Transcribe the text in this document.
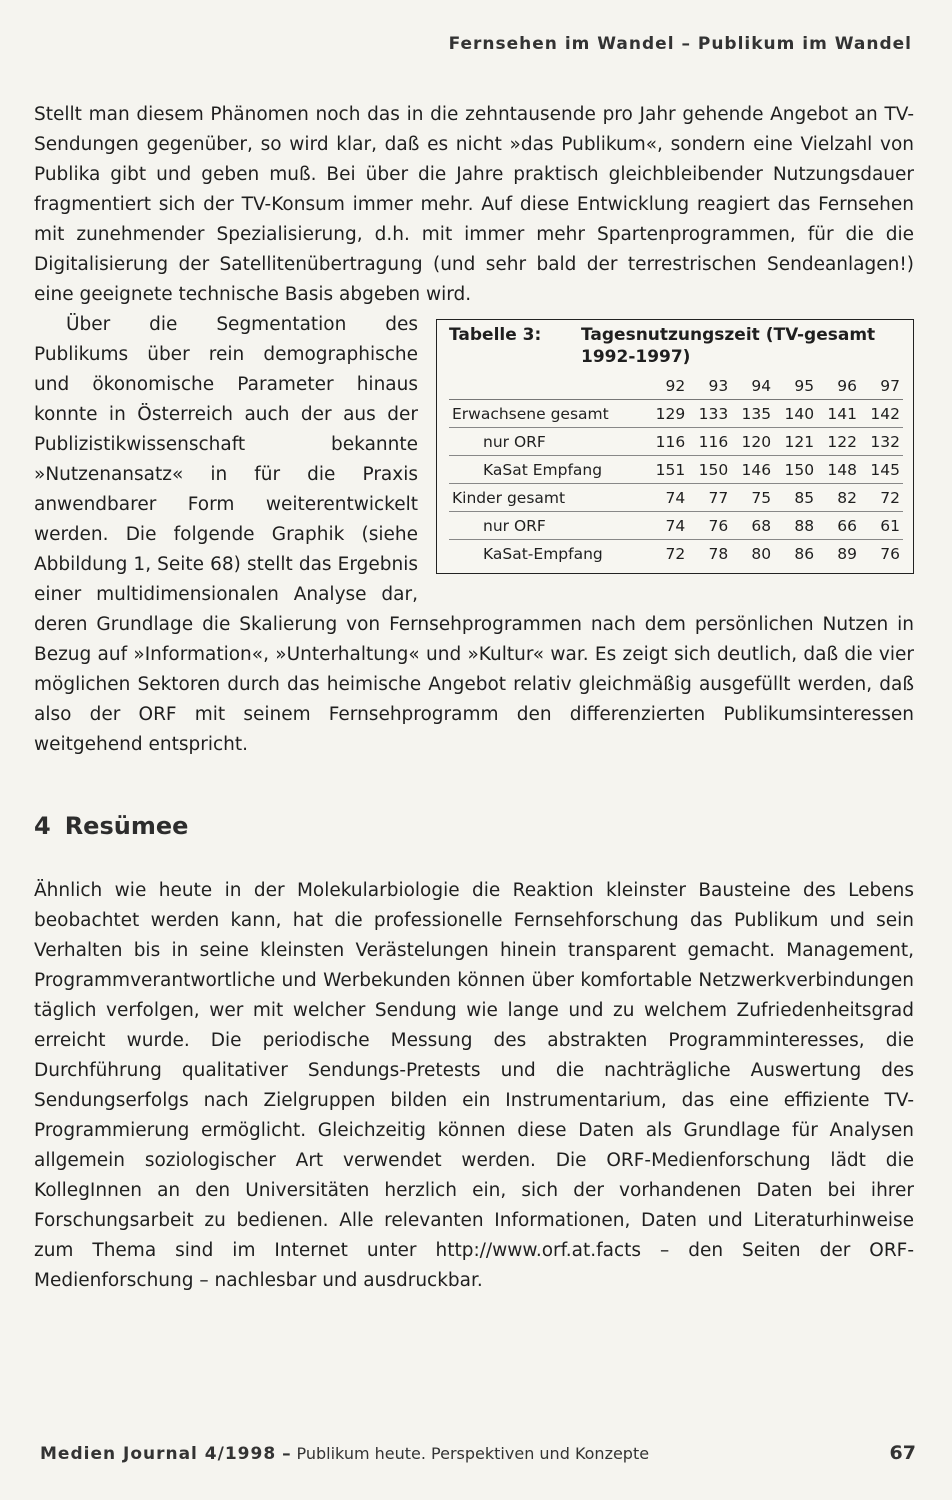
Fernsehen im Wandel – Publikum im Wandel

Stellt man diesem Phänomen noch das in die zehntausende pro Jahr gehende Angebot an TV-Sendungen gegenüber, so wird klar, daß es nicht »das Publikum«, sondern eine Vielzahl von Publika gibt und geben muß. Bei über die Jahre praktisch gleichbleibender Nutzungsdauer fragmentiert sich der TV-Konsum immer mehr. Auf diese Entwicklung reagiert das Fernsehen mit zunehmender Spezialisierung, d.h. mit immer mehr Spartenprogrammen, für die die Digitalisierung der Satellitenübertragung (und sehr bald der terrestrischen Sendeanlagen!) eine geeignete technische Basis abgeben wird.

Tabelle 3:	Tagesnutzungszeit (TV-gesamt 1992-1997)
	92	93	94	95	96	97
Erwachsene gesamt	129	133	135	140	141	142
nur ORF	116	116	120	121	122	132
KaSat Empfang	151	150	146	150	148	145
Kinder gesamt	74	77	75	85	82	72
nur ORF	74	76	68	88	66	61
KaSat-Empfang	72	78	80	86	89	76

Über die Segmentation des Publikums über rein demographische und ökonomische Parameter hinaus konnte in Österreich auch der aus der Publizistikwissenschaft bekannte »Nutzenansatz« in für die Praxis anwendbarer Form weiterentwickelt werden. Die folgende Graphik (siehe Abbildung 1, Seite 68) stellt das Ergebnis einer multidimensionalen Analyse dar, deren Grundlage die Skalierung von Fernsehprogrammen nach dem persönlichen Nutzen in Bezug auf »Information«, »Unterhaltung« und »Kultur« war. Es zeigt sich deutlich, daß die vier möglichen Sektoren durch das heimische Angebot relativ gleichmäßig ausgefüllt werden, daß also der ORF mit seinem Fernsehprogramm den differenzierten Publikumsinteressen weitgehend entspricht.

4 Resümee

Ähnlich wie heute in der Molekularbiologie die Reaktion kleinster Bausteine des Lebens beobachtet werden kann, hat die professionelle Fernsehforschung das Publikum und sein Verhalten bis in seine kleinsten Verästelungen hinein transparent gemacht. Management, Programmverantwortliche und Werbekunden können über komfortable Netzwerkverbindungen täglich verfolgen, wer mit welcher Sendung wie lange und zu welchem Zufriedenheitsgrad erreicht wurde. Die periodische Messung des abstrakten Programminteresses, die Durchführung qualitativer Sendungs-Pretests und die nachträgliche Auswertung des Sendungserfolgs nach Zielgruppen bilden ein Instrumentarium, das eine effiziente TV-Programmierung ermöglicht. Gleichzeitig können diese Daten als Grundlage für Analysen allgemein soziologischer Art verwendet werden. Die ORF-Medienforschung lädt die KollegInnen an den Universitäten herzlich ein, sich der vorhandenen Daten bei ihrer Forschungsarbeit zu bedienen. Alle relevanten Informationen, Daten und Literaturhinweise zum Thema sind im Internet unter http://www.orf.at.facts – den Seiten der ORF-Medienforschung – nachlesbar und ausdruckbar.

Medien Journal 4/1998 – Publikum heute. Perspektiven und Konzepte	67
